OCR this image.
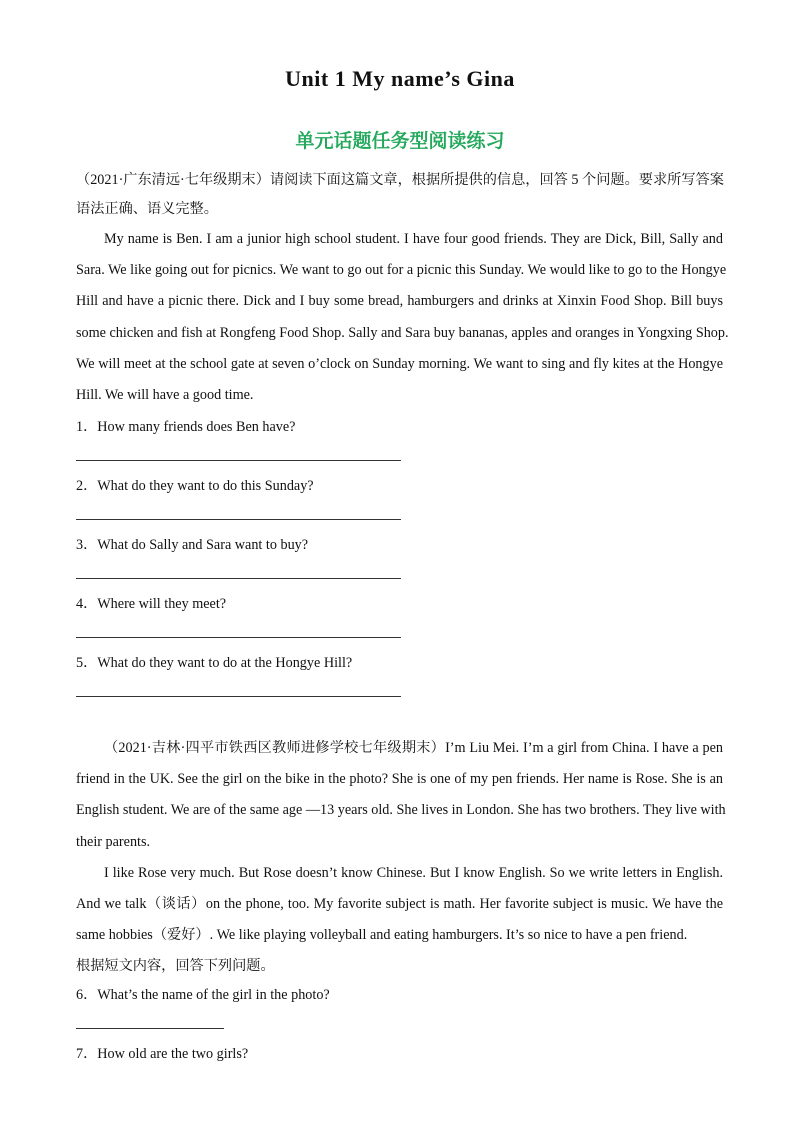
Unit 1 My name’s Gina
单元话题任务型阅读练习
（2021·广东清远·七年级期末）请阅读下面这篇文章，根据所提供的信息，回答 5 个问题。要求所写答案
语法正确、语义完整。
My name is Ben. I am a junior high school student. I have four good friends. They are Dick, Bill, Sally and
Sara. We like going out for picnics. We want to go out for a picnic this Sunday. We would like to go to the Hongye
Hill and have a picnic there. Dick and I buy some bread, hamburgers and drinks at Xinxin Food Shop. Bill buys
some chicken and fish at Rongfeng Food Shop. Sally and Sara buy bananas, apples and oranges in Yongxing Shop.
We will meet at the school gate at seven o’clock on Sunday morning. We want to sing and fly kites at the Hongye
Hill. We will have a good time.
1．How many friends does Ben have?
2．What do they want to do this Sunday?
3．What do Sally and Sara want to buy?
4．Where will they meet?
5．What do they want to do at the Hongye Hill?
（2021·吉林·四平市铁西区教师进修学校七年级期末）I’m Liu Mei. I’m a girl from China. I have a pen
friend in the UK. See the girl on the bike in the photo? She is one of my pen friends. Her name is Rose. She is an
English student. We are of the same age —13 years old. She lives in London. She has two brothers. They live with
their parents.
I like Rose very much. But Rose doesn’t know Chinese. But I know English. So we write letters in English.
And we talk（谈话）on the phone, too. My favorite subject is math. Her favorite subject is music. We have the
same hobbies（爱好）. We like playing volleyball and eating hamburgers. It’s so nice to have a pen friend.
根据短文内容，回答下列问题。
6．What’s the name of the girl in the photo?
7．How old are the two girls?
